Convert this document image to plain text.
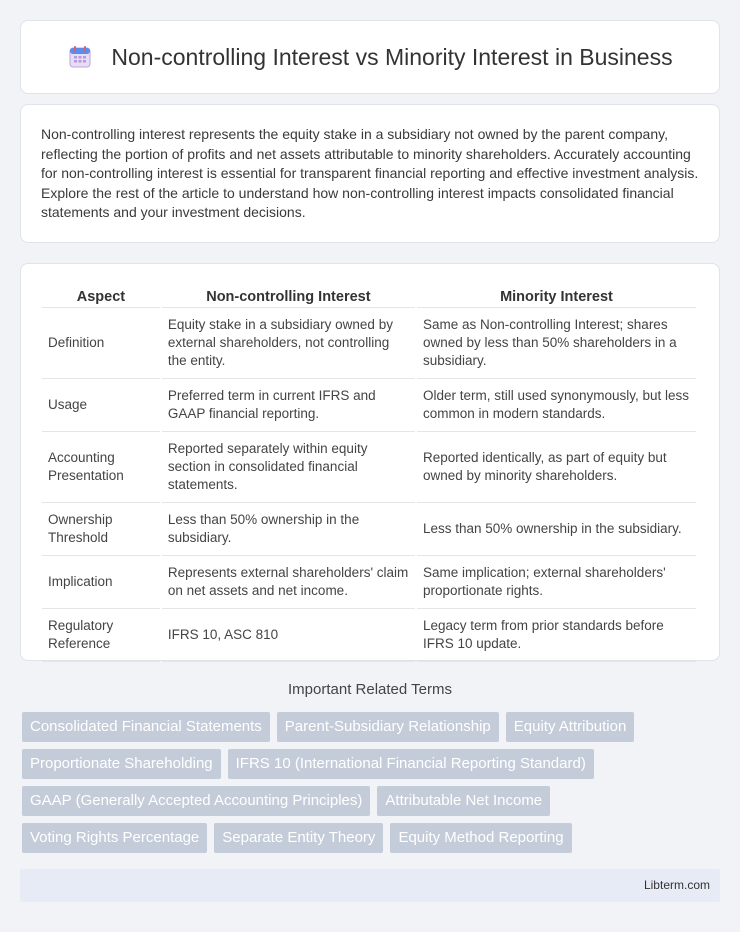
Non-controlling Interest vs Minority Interest in Business

Non-controlling interest represents the equity stake in a subsidiary not owned by the parent company, reflecting the portion of profits and net assets attributable to minority shareholders. Accurately accounting for non-controlling interest is essential for transparent financial reporting and effective investment analysis. Explore the rest of the article to understand how non-controlling interest impacts consolidated financial statements and your investment decisions.

Aspect	Non-controlling Interest	Minority Interest
Definition	Equity stake in a subsidiary owned by external shareholders, not controlling the entity.	Same as Non-controlling Interest; shares owned by less than 50% shareholders in a subsidiary.
Usage	Preferred term in current IFRS and GAAP financial reporting.	Older term, still used synonymously, but less common in modern standards.
Accounting Presentation	Reported separately within equity section in consolidated financial statements.	Reported identically, as part of equity but owned by minority shareholders.
Ownership Threshold	Less than 50% ownership in the subsidiary.	Less than 50% ownership in the subsidiary.
Implication	Represents external shareholders' claim on net assets and net income.	Same implication; external shareholders' proportionate rights.
Regulatory Reference	IFRS 10, ASC 810	Legacy term from prior standards before IFRS 10 update.
Important Related Terms
Consolidated Financial Statements	Parent-Subsidiary Relationship	Equity Attribution
Proportionate Shareholding	IFRS 10 (International Financial Reporting Standard)
GAAP (Generally Accepted Accounting Principles)	Attributable Net Income
Voting Rights Percentage	Separate Entity Theory	Equity Method Reporting
Libterm.com
